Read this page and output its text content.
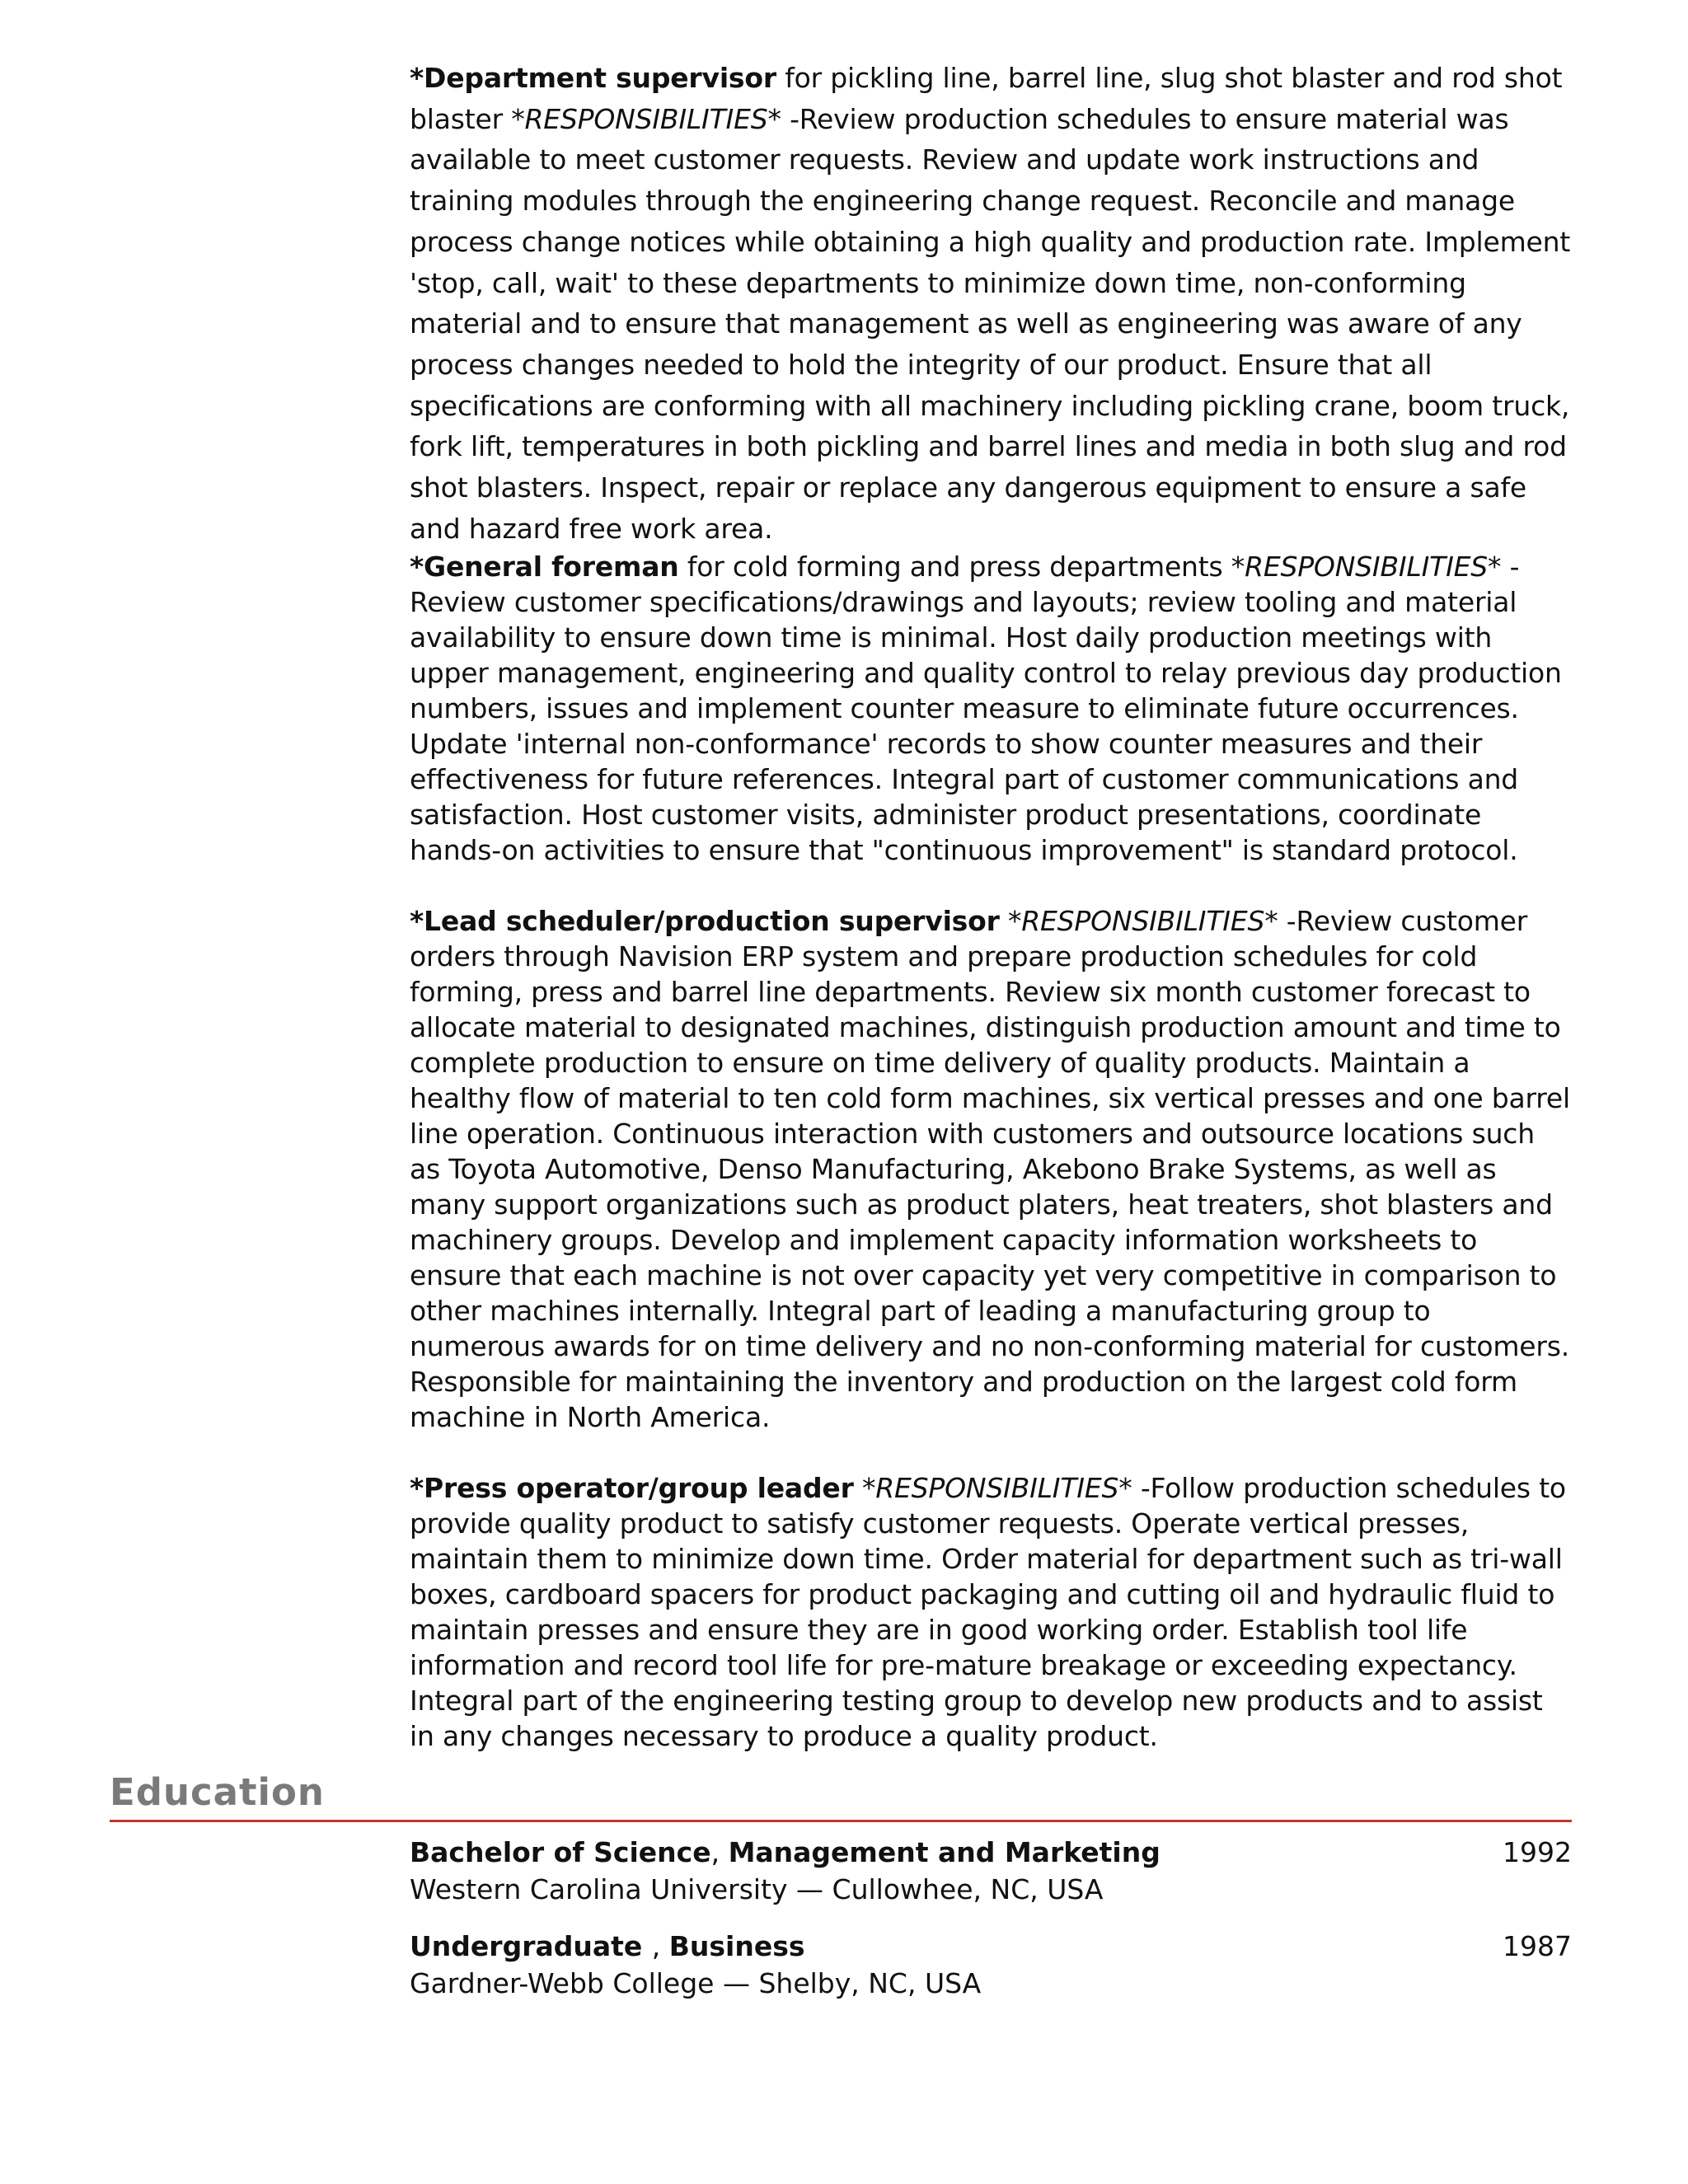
*Department supervisor for pickling line, barrel line, slug shot blaster and rod shot blaster *RESPONSIBILITIES* -Review production schedules to ensure material was available to meet customer requests. Review and update work instructions and training modules through the engineering change request. Reconcile and manage process change notices while obtaining a high quality and production rate. Implement 'stop, call, wait' to these departments to minimize down time, non-conforming material and to ensure that management as well as engineering was aware of any process changes needed to hold the integrity of our product. Ensure that all specifications are conforming with all machinery including pickling crane, boom truck, fork lift, temperatures in both pickling and barrel lines and media in both slug and rod shot blasters. Inspect, repair or replace any dangerous equipment to ensure a safe and hazard free work area.

*General foreman for cold forming and press departments *RESPONSIBILITIES* -Review customer specifications/drawings and layouts; review tooling and material availability to ensure down time is minimal. Host daily production meetings with upper management, engineering and quality control to relay previous day production numbers, issues and implement counter measure to eliminate future occurrences. Update 'internal non-conformance' records to show counter measures and their effectiveness for future references. Integral part of customer communications and satisfaction. Host customer visits, administer product presentations, coordinate hands-on activities to ensure that "continuous improvement" is standard protocol.

*Lead scheduler/production supervisor *RESPONSIBILITIES* -Review customer orders through Navision ERP system and prepare production schedules for cold forming, press and barrel line departments. Review six month customer forecast to allocate material to designated machines, distinguish production amount and time to complete production to ensure on time delivery of quality products. Maintain a healthy flow of material to ten cold form machines, six vertical presses and one barrel line operation. Continuous interaction with customers and outsource locations such as Toyota Automotive, Denso Manufacturing, Akebono Brake Systems, as well as many support organizations such as product platers, heat treaters, shot blasters and machinery groups. Develop and implement capacity information worksheets to ensure that each machine is not over capacity yet very competitive in comparison to other machines internally. Integral part of leading a manufacturing group to numerous awards for on time delivery and no non-conforming material for customers. Responsible for maintaining the inventory and production on the largest cold form machine in North America.

*Press operator/group leader *RESPONSIBILITIES* -Follow production schedules to provide quality product to satisfy customer requests. Operate vertical presses, maintain them to minimize down time. Order material for department such as tri-wall boxes, cardboard spacers for product packaging and cutting oil and hydraulic fluid to maintain presses and ensure they are in good working order. Establish tool life information and record tool life for pre-mature breakage or exceeding expectancy. Integral part of the engineering testing group to develop new products and to assist in any changes necessary to produce a quality product.

Education
Bachelor of Science, Management and Marketing
Western Carolina University — Cullowhee, NC, USA
1992
Undergraduate , Business
Gardner-Webb College — Shelby, NC, USA
1987
